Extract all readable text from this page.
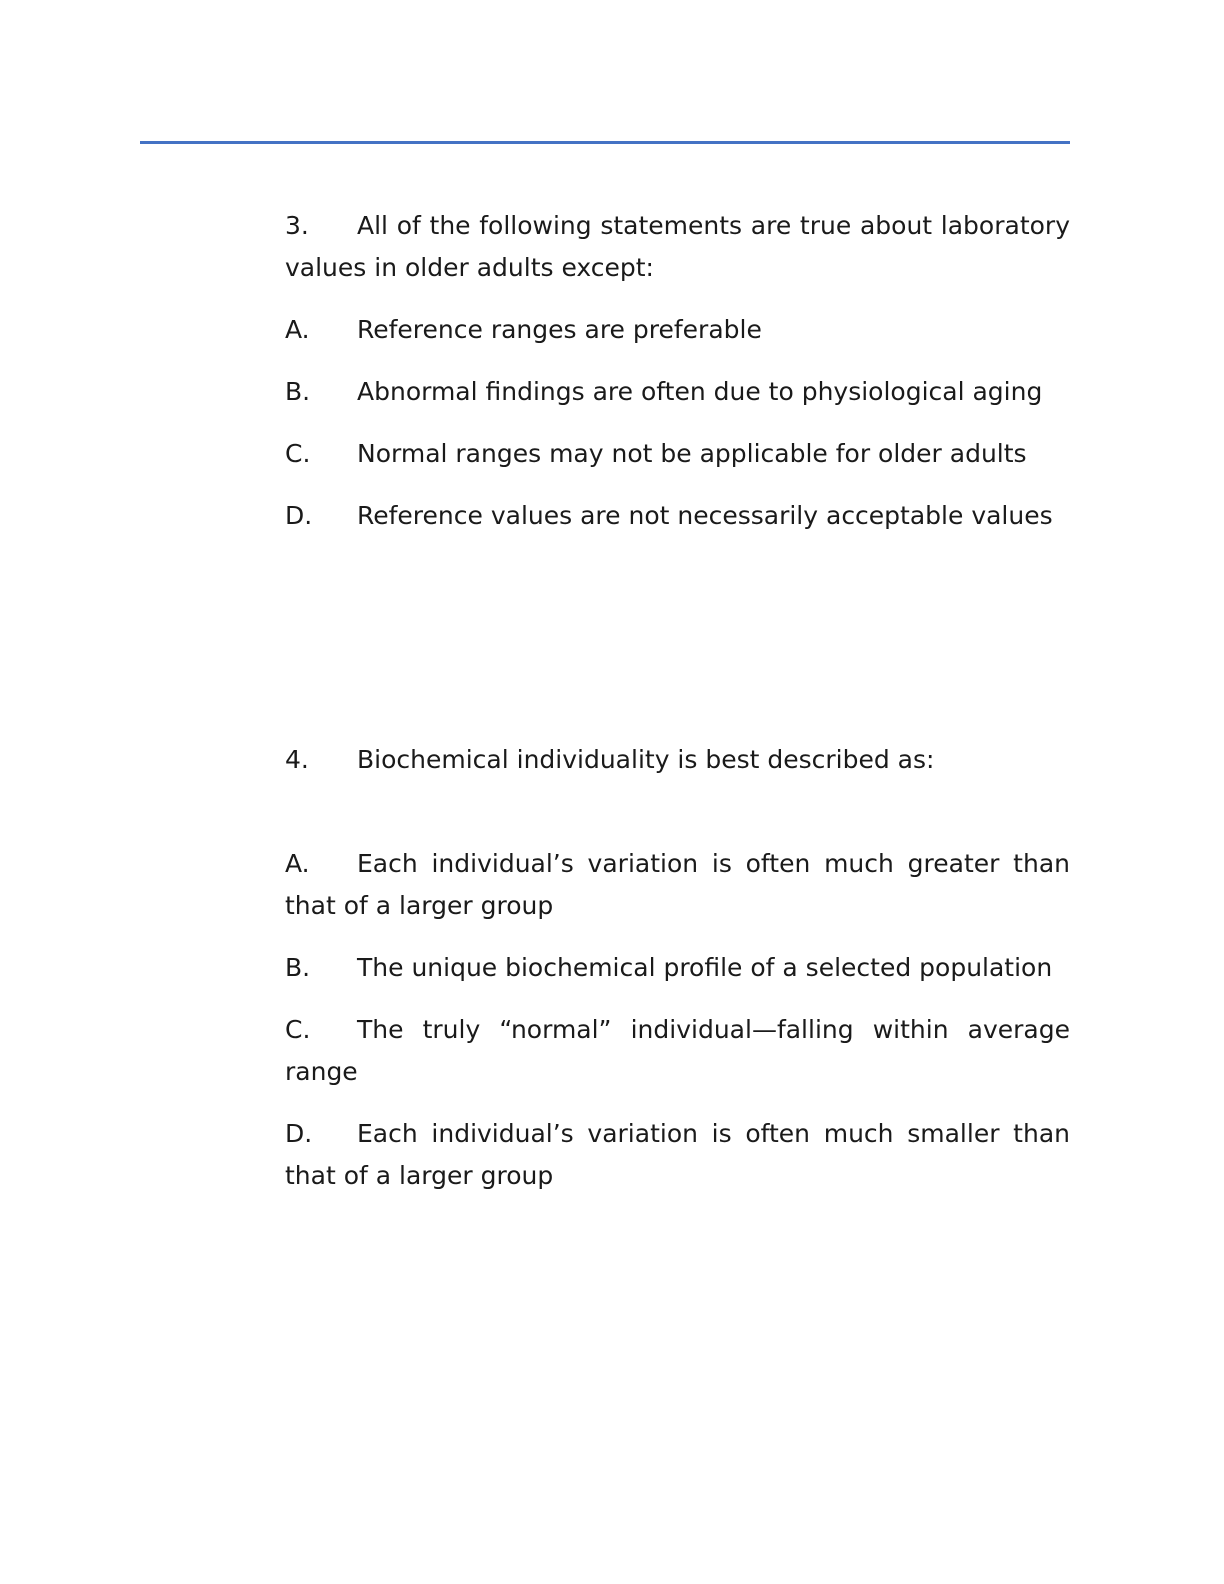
3. All of the following statements are true about laboratory values in older adults except:

A. Reference ranges are preferable

B. Abnormal findings are often due to physiological aging

C. Normal ranges may not be applicable for older adults

D. Reference values are not necessarily acceptable values

4. Biochemical individuality is best described as:

A. Each individual’s variation is often much greater than that of a larger group

B. The unique biochemical profile of a selected population

C. The truly “normal” individual—falling within average range

D. Each individual’s variation is often much smaller than that of a larger group
